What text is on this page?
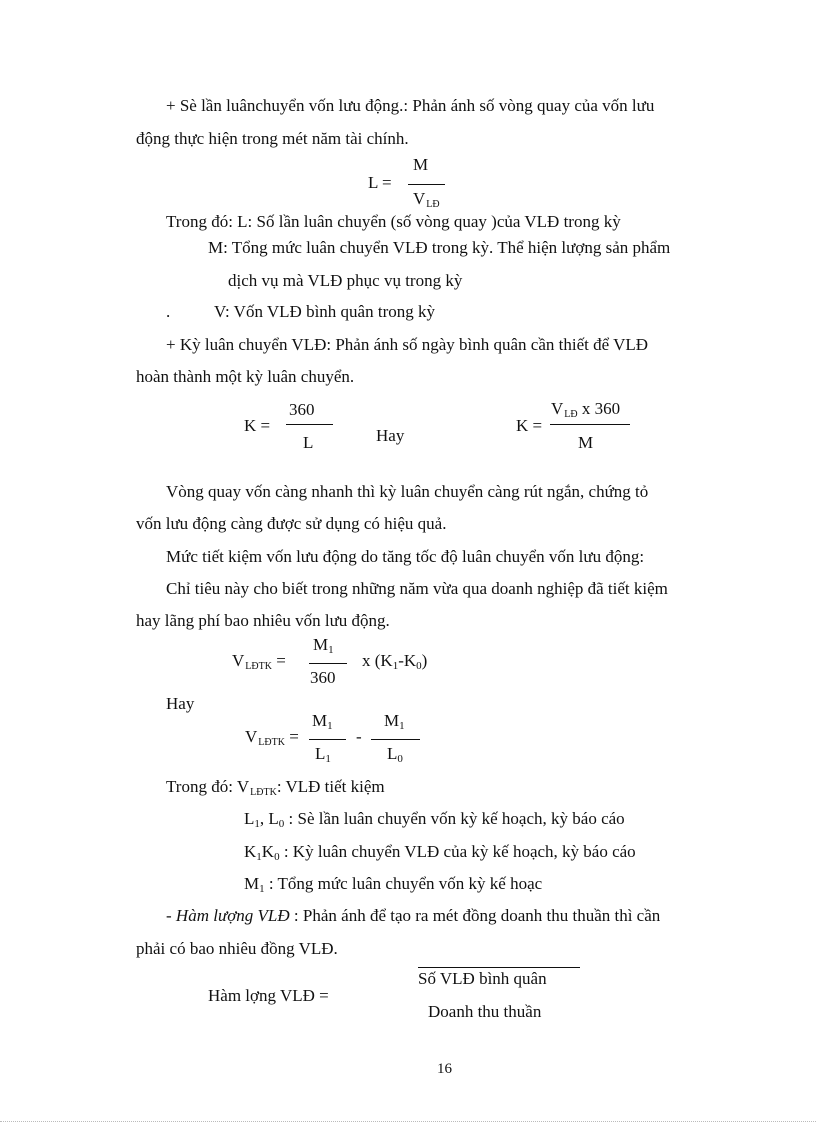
+ Sè lần luânchuyển vốn lưu động.: Phản ánh số vòng quay của vốn lưu
động thực hiện trong mét năm tài chính.
L =
M
$V_{LĐ}$
Trong đó: L: Số lần luân chuyển (số vòng quay )của VLĐ trong kỳ
M: Tổng mức luân chuyển VLĐ trong kỳ. Thể hiện lượng sản phẩm
dịch vụ mà VLĐ phục vụ trong kỳ
.	V: Vốn VLĐ bình quân trong kỳ
+ Kỳ luân chuyển VLĐ: Phản ánh số ngày bình quân cần thiết để VLĐ
hoàn thành một kỳ luân chuyển.
K =
360
L	Hay
K =
$V_{LĐ}$ x 360
M
Vòng quay vốn càng nhanh thì kỳ luân chuyển càng rút ngắn, chứng tỏ
vốn lưu động càng được sử dụng có hiệu quả.
Mức tiết kiệm vốn lưu động do tăng tốc độ luân chuyển vốn lưu động:
Chỉ tiêu này cho biết trong những năm vừa qua doanh nghiệp đã tiết kiệm
hay lãng phí bao nhiêu vốn lưu động.
$V_{LĐTK}$ =
M1
360
x (K1-K0)
Hay
$V_{LĐTK}$ =
M1
L1
-
M1
L0
Trong đó: $V_{LĐTK}$: VLĐ tiết kiệm
L1, L0 : Sè lần luân chuyển vốn kỳ kế hoạch, kỳ báo cáo
K1K0 : Kỳ luân chuyển VLĐ của kỳ kế hoạch, kỳ báo cáo
M1 : Tổng mức luân chuyển vốn kỳ kế hoạc
- Hàm lượng VLĐ : Phản ánh để tạo ra mét đồng doanh thu thuần thì cần
phải có bao nhiêu đồng VLĐ.
Số VLĐ bình quân
Hàm lợng VLĐ =
Doanh thu thuần
16
